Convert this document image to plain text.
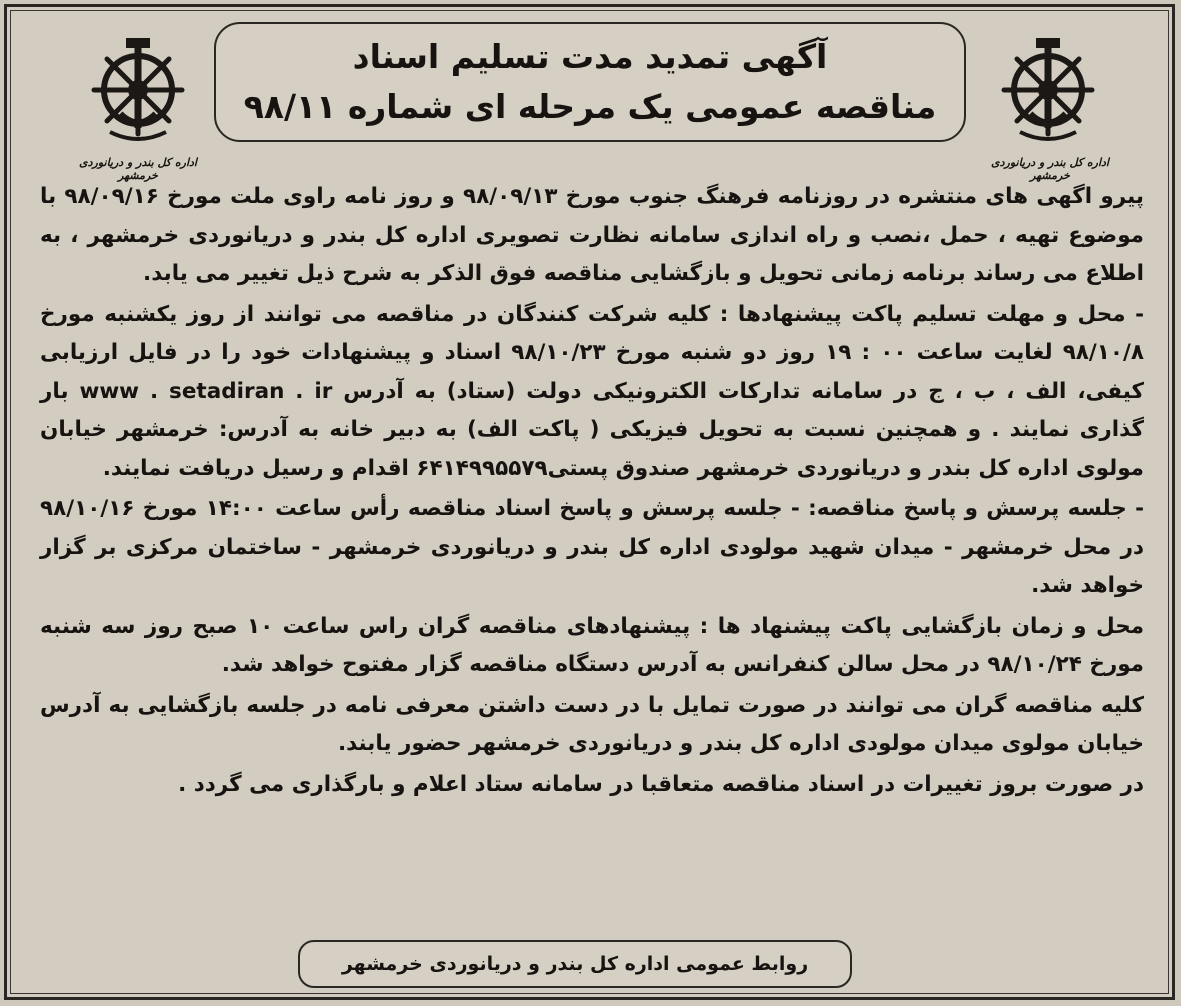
اداره کل بندر و دریانوردی خرمشهر
اداره کل بندر و دریانوردی خرمشهر
آگهی تمدید مدت تسلیم اسناد
مناقصه عمومی یک مرحله ای شماره ۹۸/۱۱

پیرو اگهی های منتشره در روزنامه فرهنگ جنوب مورخ ۹۸/۰۹/۱۳ و روز نامه راوی ملت مورخ ۹۸/۰۹/۱۶ با موضوع تهیه ، حمل ،نصب و راه اندازی سامانه نظارت تصویری اداره کل بندر و دریانوردی خرمشهر ، به اطلاع می رساند برنامه زمانی تحویل و بازگشایی مناقصه فوق الذکر به شرح ذیل تغییر می یابد.

- محل و مهلت تسلیم پاکت پیشنهادها : کلیه شرکت کنندگان در مناقصه می توانند از روز یکشنبه مورخ ۹۸/۱۰/۸ لغایت ساعت ۰۰ : ۱۹ روز دو شنبه مورخ ۹۸/۱۰/۲۳ اسناد و پیشنهادات خود را در فایل ارزیابی کیفی، الف ، ب ، ج در سامانه تدارکات الکترونیکی دولت (ستاد) به آدرس www . setadiran . ir بار گذاری نمایند . و همچنین نسبت به تحویل فیزیکی ( پاکت الف) به دبیر خانه به آدرس: خرمشهر خیابان مولوی اداره کل بندر و دریانوردی خرمشهر صندوق پستی۶۴۱۴۹۹۵۵۷۹ اقدام و رسیل دریافت نمایند.

- جلسه پرسش و پاسخ مناقصه: - جلسه پرسش و پاسخ اسناد مناقصه رأس ساعت ۱۴:۰۰ مورخ ۹۸/۱۰/۱۶ در محل خرمشهر - میدان شهید مولودی اداره کل بندر و دریانوردی خرمشهر - ساختمان مرکزی بر گزار خواهد شد.

محل و زمان بازگشایی پاکت پیشنهاد ها : پیشنهادهای مناقصه گران راس ساعت ۱۰ صبح روز سه شنبه مورخ ۹۸/۱۰/۲۴ در محل سالن کنفرانس به آدرس دستگاه مناقصه گزار مفتوح خواهد شد.

کلیه مناقصه گران می توانند در صورت تمایل با در دست داشتن معرفی نامه در جلسه بازگشایی به آدرس خیابان مولوی میدان مولودی اداره کل بندر و دریانوردی خرمشهر حضور یابند.

در صورت بروز تغییرات در اسناد مناقصه متعاقبا در سامانه ستاد اعلام و بارگذاری می گردد .

روابط عمومی اداره کل بندر و دریانوردی خرمشهر
